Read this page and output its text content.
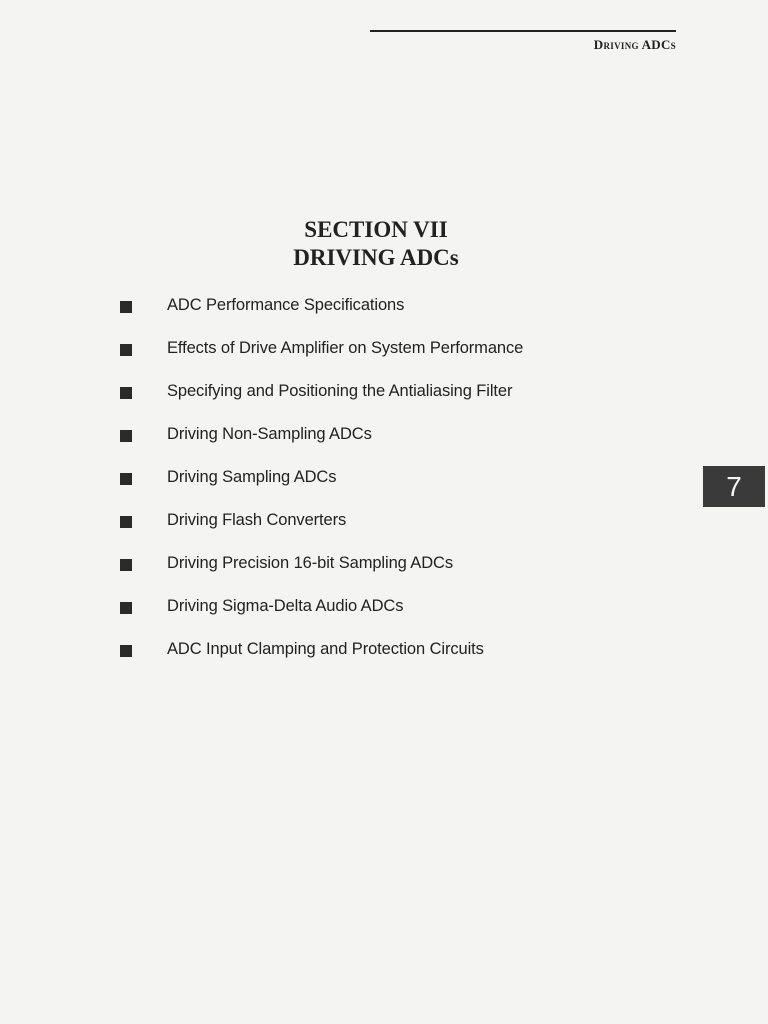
Driving ADCs
SECTION VII
DRIVING ADCs
ADC Performance Specifications
Effects of Drive Amplifier on System Performance
Specifying and Positioning the Antialiasing Filter
Driving Non-Sampling ADCs
Driving Sampling ADCs
Driving Flash Converters
Driving Precision 16-bit Sampling ADCs
Driving Sigma-Delta Audio ADCs
ADC Input Clamping and Protection Circuits
7
